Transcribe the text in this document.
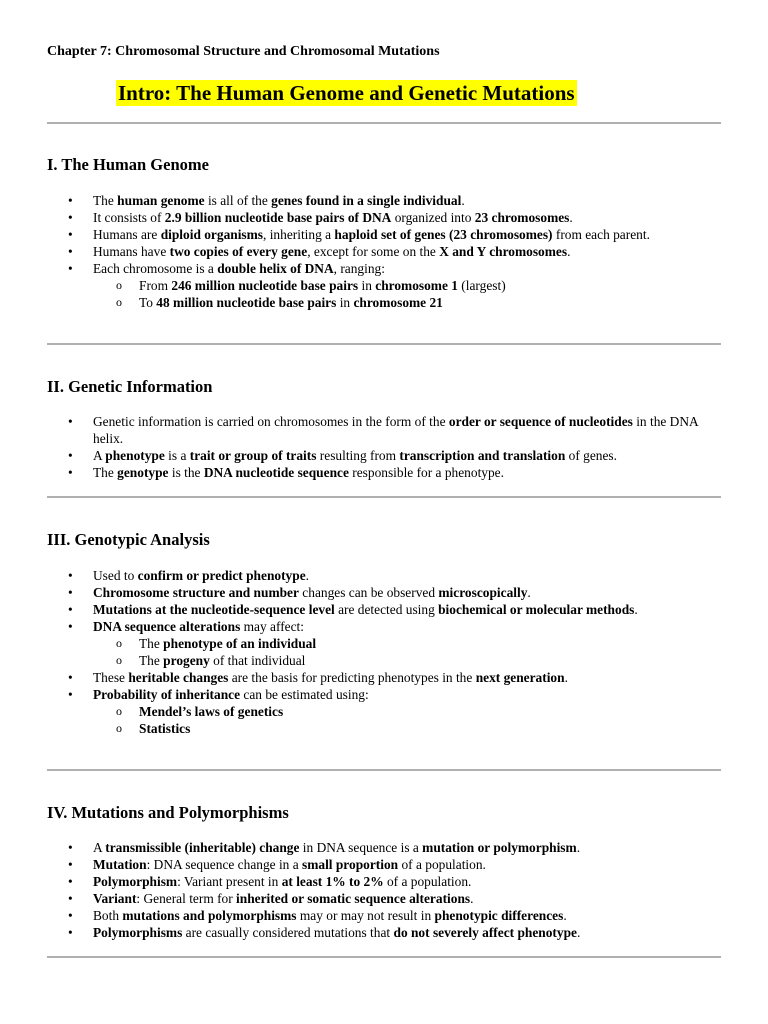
Chapter 7: Chromosomal Structure and Chromosomal Mutations
Intro: The Human Genome and Genetic Mutations
I. The Human Genome
• The human genome is all of the genes found in a single individual.
• It consists of 2.9 billion nucleotide base pairs of DNA organized into 23 chromosomes.
• Humans are diploid organisms, inheriting a haploid set of genes (23 chromosomes) from each parent.
• Humans have two copies of every gene, except for some on the X and Y chromosomes.
• Each chromosome is a double helix of DNA, ranging:
o From 246 million nucleotide base pairs in chromosome 1 (largest)
o To 48 million nucleotide base pairs in chromosome 21
II. Genetic Information
• Genetic information is carried on chromosomes in the form of the order or sequence of nucleotides in the DNA helix.
• A phenotype is a trait or group of traits resulting from transcription and translation of genes.
• The genotype is the DNA nucleotide sequence responsible for a phenotype.
III. Genotypic Analysis
• Used to confirm or predict phenotype.
• Chromosome structure and number changes can be observed microscopically.
• Mutations at the nucleotide-sequence level are detected using biochemical or molecular methods.
• DNA sequence alterations may affect:
o The phenotype of an individual
o The progeny of that individual
• These heritable changes are the basis for predicting phenotypes in the next generation.
• Probability of inheritance can be estimated using:
o Mendel’s laws of genetics
o Statistics
IV. Mutations and Polymorphisms
• A transmissible (inheritable) change in DNA sequence is a mutation or polymorphism.
• Mutation: DNA sequence change in a small proportion of a population.
• Polymorphism: Variant present in at least 1% to 2% of a population.
• Variant: General term for inherited or somatic sequence alterations.
• Both mutations and polymorphisms may or may not result in phenotypic differences.
• Polymorphisms are casually considered mutations that do not severely affect phenotype.
